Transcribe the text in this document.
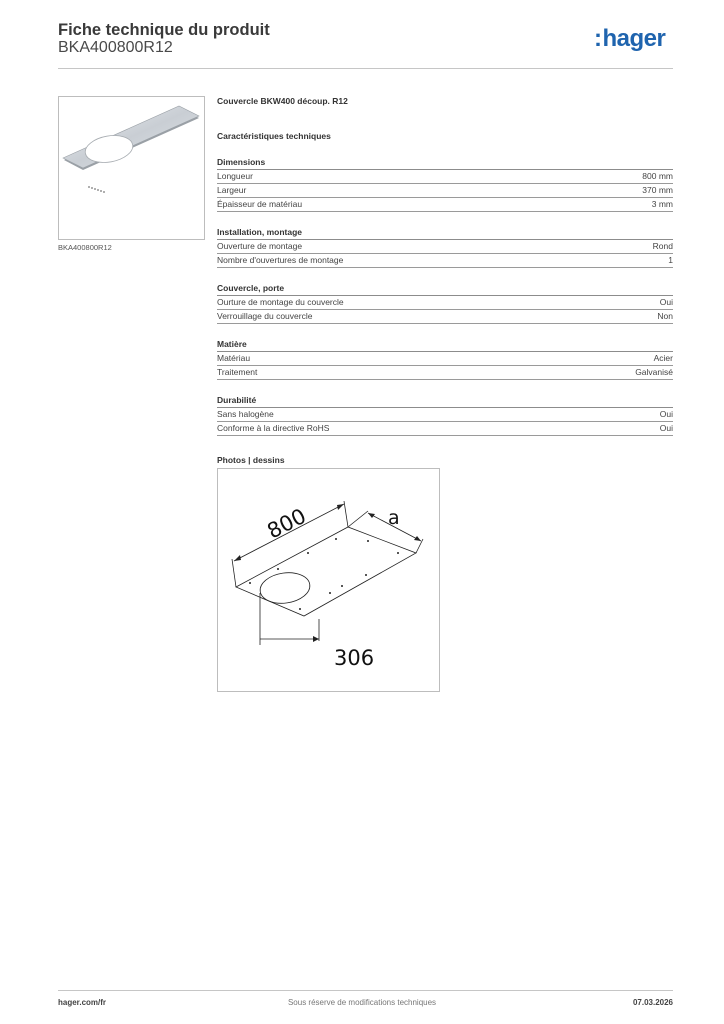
Fiche technique du produit
BKA400800R12	:hager
BKA400800R12
Couvercle BKW400 découp. R12
Caractéristiques techniques
Dimensions
Longueur	800 mm
Largeur	370 mm
Épaisseur de matériau	3 mm
Installation, montage
Ouverture de montage	Rond
Nombre d'ouvertures de montage	1
Couvercle, porte
Ourture de montage du couvercle	Oui
Verrouillage du couvercle	Non
Matière
Matériau	Acier
Traitement	Galvanisé
Durabilité
Sans halogène	Oui
Conforme à la directive RoHS	Oui
Photos | dessins
800	a
306
hager.com/fr	Sous réserve de modifications techniques	07.03.2026
